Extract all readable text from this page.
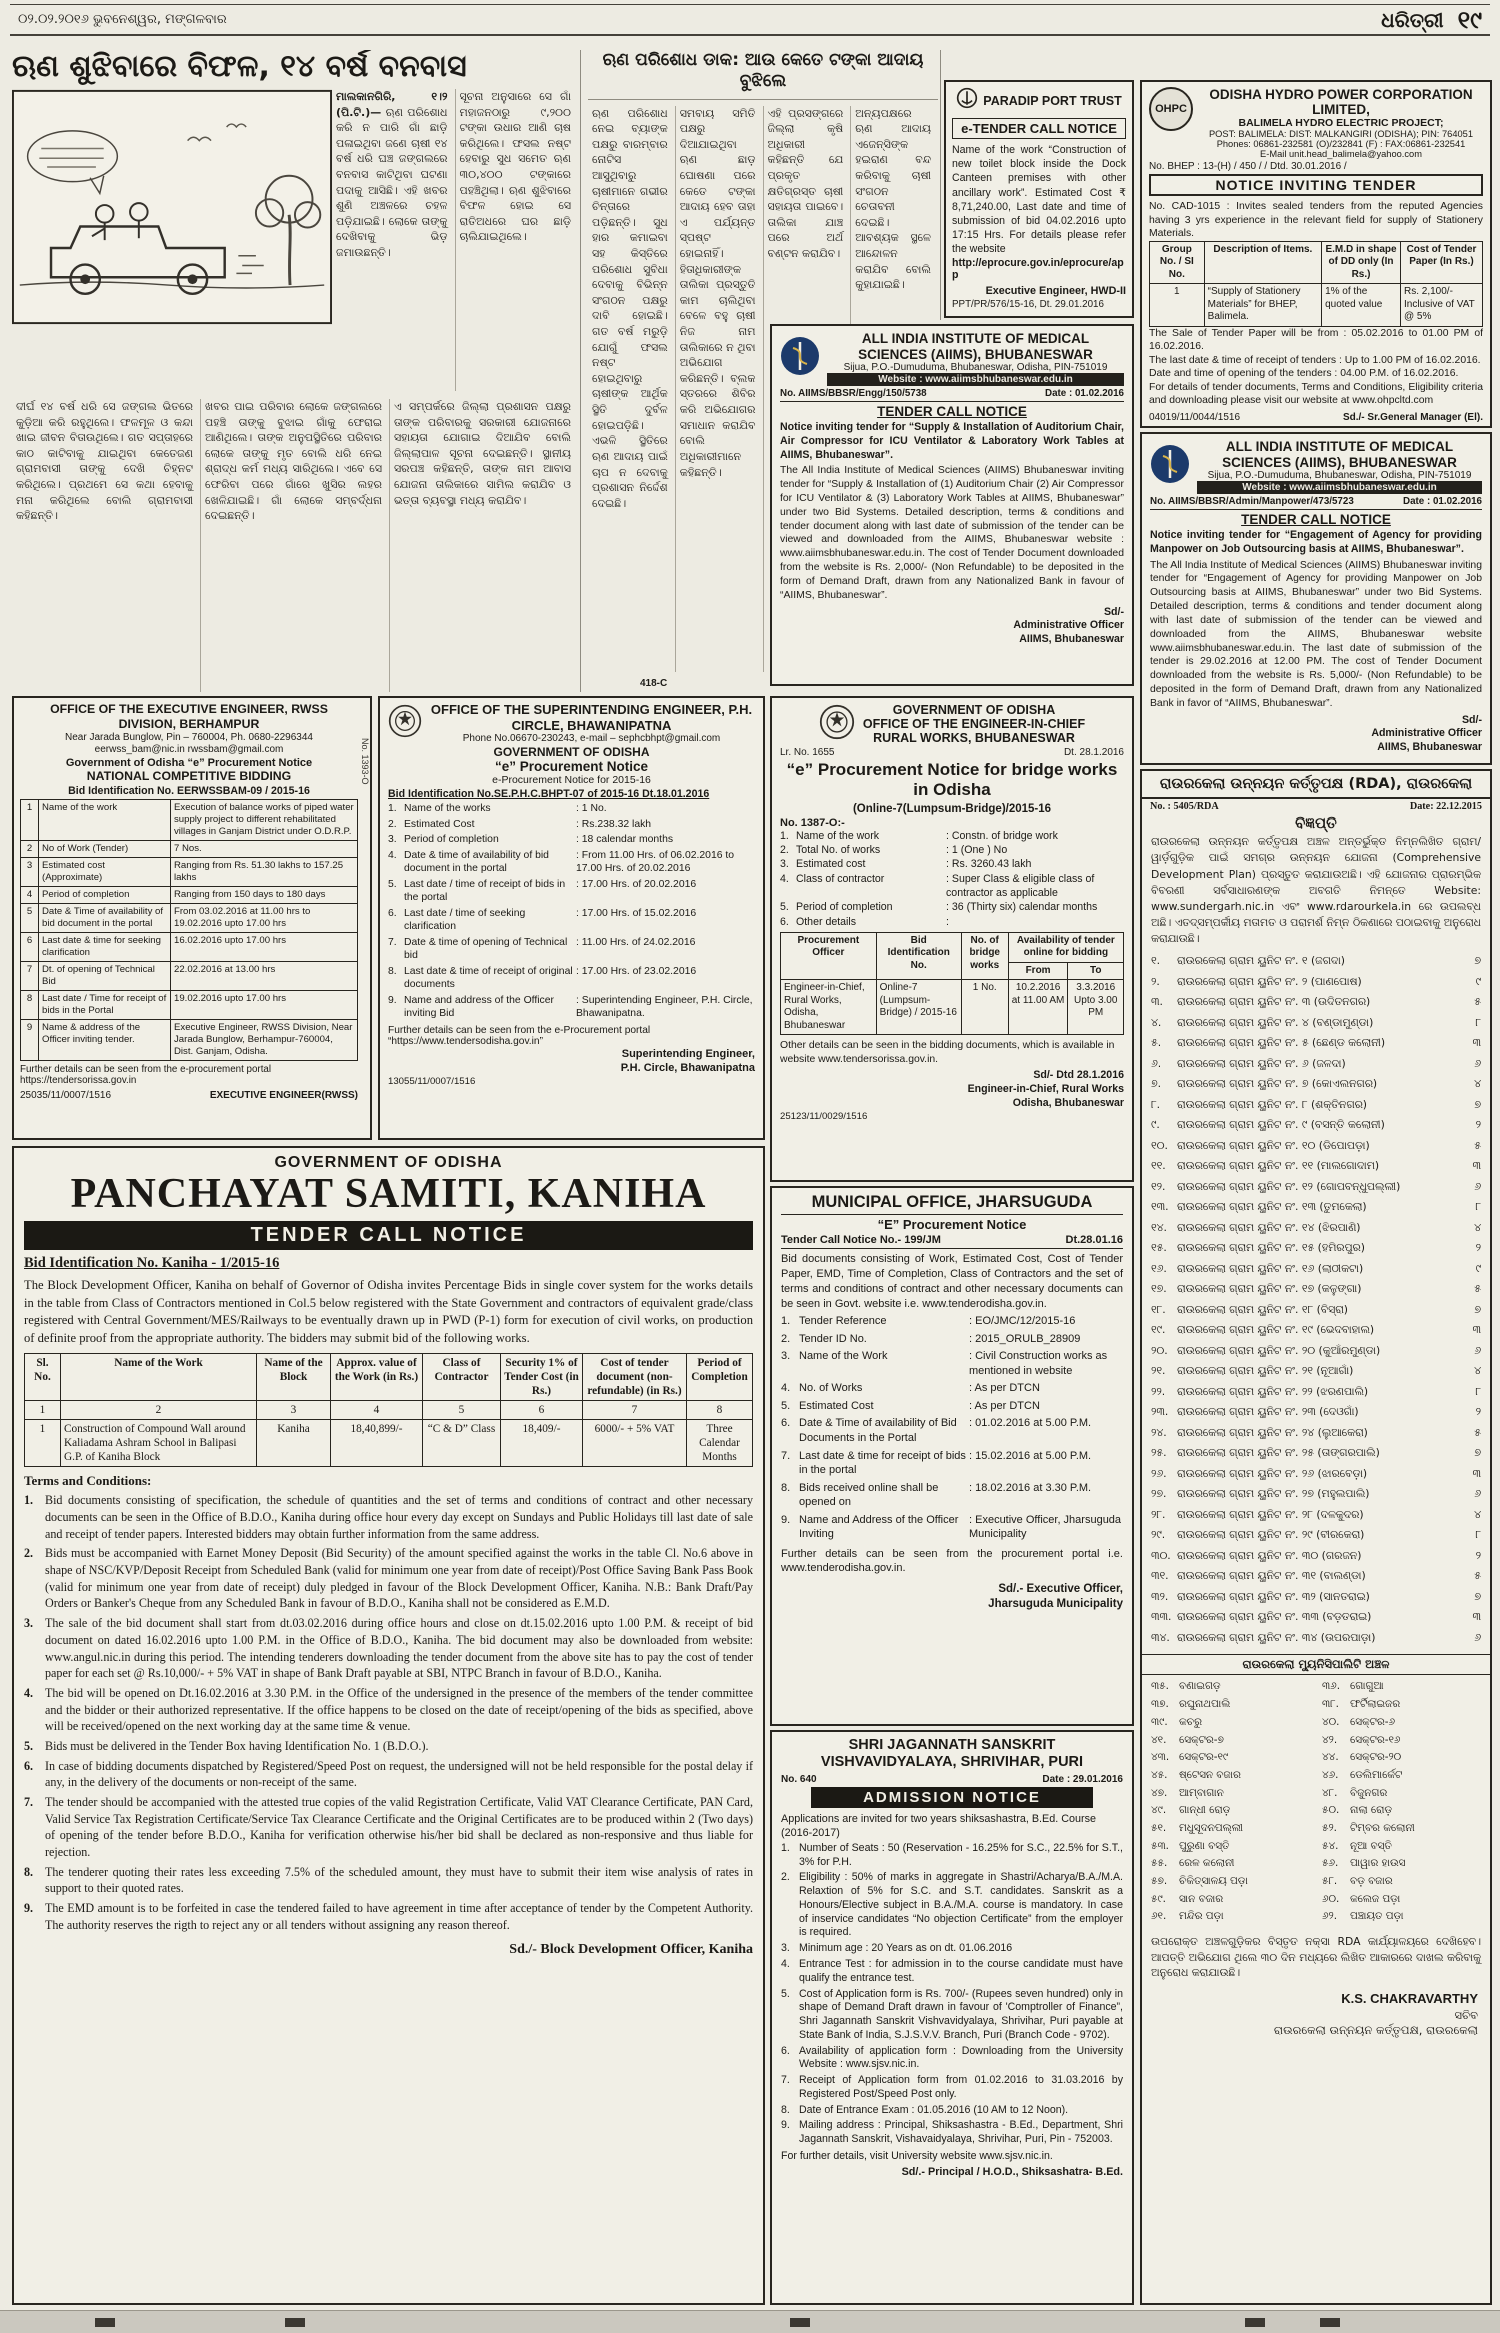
୦୨.୦୨.୨୦୧୬ ଭୁବନେଶ୍ୱର, ମଙ୍ଗଳବାର	ଧରିତ୍ରୀ ୧୯
ଋଣ ଶୁଝିବାରେ ବିଫଳ, ୧୪ ବର୍ଷ ବନବାସ
ମାଲକାନଗିରି, ୧।୨ (ପି.ଟି.)— ଋଣ ପରିଶୋଧ କରି ନ ପାରି ଗାଁ ଛାଡ଼ି ପଳାଇଥିବା ଜଣେ ଚାଷୀ ୧୪ ବର୍ଷ ଧରି ଘଞ୍ଚ ଜଙ୍ଗଲରେ ବନବାସ କାଟିଥିବା ଘଟଣା ପଦାକୁ ଆସିଛି। ଏହି ଖବର ଶୁଣି ଅଞ୍ଚଳରେ ଚହଳ ପଡ଼ିଯାଇଛି। ଲୋକେ ତାଙ୍କୁ ଦେଖିବାକୁ ଭିଡ଼ ଜମାଉଛନ୍ତି।
ସୂଚନା ଅନୁସାରେ ସେ ଗାଁ ମହାଜନଠାରୁ ୯,୨୦୦ ଟଙ୍କା ଉଧାର ଆଣି ଚାଷ କରିଥିଲେ। ଫସଲ ନଷ୍ଟ ହେବାରୁ ସୁଧ ସମେତ ଋଣ ୩୦,୪୦୦ ଟଙ୍କାରେ ପହଞ୍ଚିଥିଲା। ଋଣ ଶୁଝିବାରେ ବିଫଳ ହୋଇ ସେ ରାତିଅଧରେ ଘର ଛାଡ଼ି ଚାଲିଯାଇଥିଲେ।
ଦୀର୍ଘ ୧୪ ବର୍ଷ ଧରି ସେ ଜଙ୍ଗଲ ଭିତରେ କୁଡ଼ିଆ କରି ରହୁଥିଲେ। ଫଳମୂଳ ଓ କନ୍ଦା ଖାଇ ଜୀବନ ବିତାଉଥିଲେ। ଗତ ସପ୍ତାହରେ କାଠ କାଟିବାକୁ ଯାଇଥିବା କେତେଜଣ ଗ୍ରାମବାସୀ ତାଙ୍କୁ ଦେଖି ଚିହ୍ନଟ କରିଥିଲେ। ପ୍ରଥମେ ସେ କଥା ହେବାକୁ ମନା କରିଥିଲେ ବୋଲି ଗ୍ରାମବାସୀ କହିଛନ୍ତି।
ଖବର ପାଇ ପରିବାର ଲୋକେ ଜଙ୍ଗଲରେ ପହଞ୍ଚି ତାଙ୍କୁ ବୁଝାଇ ଗାଁକୁ ଫେରାଇ ଆଣିଥିଲେ। ତାଙ୍କ ଅନୁପସ୍ଥିତିରେ ପରିବାର ଲୋକେ ତାଙ୍କୁ ମୃତ ବୋଲି ଧରି ନେଇ ଶ୍ରାଦ୍ଧ କର୍ମ ମଧ୍ୟ ସାରିଥିଲେ। ଏବେ ସେ ଫେରିବା ପରେ ଗାଁରେ ଖୁସିର ଲହର ଖେଳିଯାଇଛି। ଗାଁ ଲୋକେ ସମ୍ବର୍ଦ୍ଧନା ଦେଇଛନ୍ତି।
ଏ ସମ୍ପର୍କରେ ଜିଲ୍ଲା ପ୍ରଶାସନ ପକ୍ଷରୁ ତାଙ୍କ ପରିବାରକୁ ସରକାରୀ ଯୋଜନାରେ ସହାୟତା ଯୋଗାଇ ଦିଆଯିବ ବୋଲି ଜିଲ୍ଲାପାଳ ସୂଚନା ଦେଇଛନ୍ତି। ସ୍ଥାନୀୟ ସରପଞ୍ଚ କହିଛନ୍ତି, ତାଙ୍କ ନାମ ଆବାସ ଯୋଜନା ତାଲିକାରେ ସାମିଲ କରାଯିବ ଓ ଭତ୍ତା ବ୍ୟବସ୍ଥା ମଧ୍ୟ କରାଯିବ।
ଋଣ ପରିଶୋଧ ଡାକ: ଆଉ କେତେ ଟଙ୍କା ଆଦାୟ ବୁଝିଲେ
ଋଣ ପରିଶୋଧ ନେଇ ବ୍ୟାଙ୍କ ପକ୍ଷରୁ ବାରମ୍ବାର ନୋଟିସ ଆସୁଥିବାରୁ ଚାଷୀମାନେ ଗଭୀର ଚିନ୍ତାରେ ପଡ଼ିଛନ୍ତି। ସୁଧ ହାର କମାଇବା ସହ କିସ୍ତିରେ ପରିଶୋଧ ସୁବିଧା ଦେବାକୁ ବିଭିନ୍ନ ସଂଗଠନ ପକ୍ଷରୁ ଦାବି ହୋଇଛି। ଗତ ବର୍ଷ ମରୁଡ଼ି ଯୋଗୁଁ ଫସଲ ନଷ୍ଟ ହୋଇଥିବାରୁ ଚାଷୀଙ୍କ ଆର୍ଥିକ ସ୍ଥିତି ଦୁର୍ବଳ ହୋଇପଡ଼ିଛି। ଏଭଳି ସ୍ଥିତିରେ ଋଣ ଆଦାୟ ପାଇଁ ଚାପ ନ ଦେବାକୁ ପ୍ରଶାସନ ନିର୍ଦ୍ଦେଶ ଦେଇଛି।
ସମବାୟ ସମିତି ପକ୍ଷରୁ ଦିଆଯାଇଥିବା ଋଣ ଛାଡ଼ ଘୋଷଣା ପରେ କେତେ ଟଙ୍କା ଆଦାୟ ହେବ ତାହା ଏ ପର୍ଯ୍ୟନ୍ତ ସ୍ପଷ୍ଟ ହୋଇନାହିଁ। ହିତାଧିକାରୀଙ୍କ ତାଲିକା ପ୍ରସ୍ତୁତି କାମ ଚାଲିଥିବା ବେଳେ ବହୁ ଚାଷୀ ନିଜ ନାମ ତାଲିକାରେ ନ ଥିବା ଅଭିଯୋଗ କରିଛନ୍ତି। ବ୍ଲକ ସ୍ତରରେ ଶିବିର କରି ଅଭିଯୋଗର ସମାଧାନ କରାଯିବ ବୋଲି ଅଧିକାରୀମାନେ କହିଛନ୍ତି।
ଏହି ପ୍ରସଙ୍ଗରେ ଜିଲ୍ଲା କୃଷି ଅଧିକାରୀ କହିଛନ୍ତି ଯେ ପ୍ରକୃତ କ୍ଷତିଗ୍ରସ୍ତ ଚାଷୀ ସହାୟତା ପାଇବେ। ତାଲିକା ଯାଞ୍ଚ ପରେ ଅର୍ଥ ବଣ୍ଟନ କରାଯିବ।
ଅନ୍ୟପକ୍ଷରେ ଋଣ ଆଦାୟ ଏଜେନ୍ସିଙ୍କ ହଇରାଣ ବନ୍ଦ କରିବାକୁ ଚାଷୀ ସଂଗଠନ ଚେତାବନୀ ଦେଇଛି। ଆବଶ୍ୟକ ସ୍ଥଳେ ଆନ୍ଦୋଳନ କରାଯିବ ବୋଲି କୁହାଯାଇଛି।
PARADIP PORT TRUST
e-TENDER CALL NOTICE

Name of the work “Construction of new toilet block inside the Dock Canteen premises with other ancillary work”. Estimated Cost ₹ 8,71,240.00, Last date and time of submission of bid 04.02.2016 upto 17:15 Hrs. For details please refer the website

http://eprocure.gov.in/eprocure/app

Executive Engineer, HWD-II

PPT/PR/576/15-16, Dt. 29.01.2016

OHPC
ODISHA HYDRO POWER CORPORATION LIMITED,
BALIMELA HYDRO ELECTRIC PROJECT;
POST: BALIMELA: DIST: MALKANGIRI (ODISHA); PIN: 764051
Phones: 06861-232581 (O)/232841 (F) : FAX:06861-232541
E-Mail unit.head_balimela@yahoo.com
No. BHEP : 13-(H) / 450 / / Dtd. 30.01.2016 /
NOTICE INVITING TENDER

No. CAD-1015 : Invites sealed tenders from the reputed Agencies having 3 yrs experience in the relevant field for supply of Stationery Materials.

Group No. / SI No.	Description of Items.	E.M.D in shape of DD only (In Rs.)	Cost of Tender Paper (In Rs.)
1	“Supply of Stationery Materials” for BHEP, Balimela.	1% of the quoted value	Rs. 2,100/- Inclusive of VAT @ 5%

The Sale of Tender Paper will be from : 05.02.2016 to 01.00 PM of 16.02.2016.

The last date & time of receipt of tenders : Up to 1.00 PM of 16.02.2016.

Date and time of opening of the tenders : 04.00 P.M. of 16.02.2016.

For details of tender documents, Terms and Conditions, Eligibility criteria and downloading please visit our website at www.ohpcltd.com

04019/11/0044/1516	Sd./- Sr.General Manager (El).
ALL INDIA INSTITUTE OF MEDICAL SCIENCES (AIIMS), BHUBANESWAR
Sijua, P.O.-Dumuduma, Bhubaneswar, Odisha, PIN-751019
Website : www.aiimsbhubaneswar.edu.in
No. AIIMS/BBSR/Engg/150/5738	Date : 01.02.2016
TENDER CALL NOTICE

Notice inviting tender for “Supply & Installation of Auditorium Chair, Air Compressor for ICU Ventilator & Laboratory Work Tables at AIIMS, Bhubaneswar”.

The All India Institute of Medical Sciences (AIIMS) Bhubaneswar inviting tender for “Supply & Installation of (1) Auditorium Chair (2) Air Compressor for ICU Ventilator & (3) Laboratory Work Tables at AIIMS, Bhubaneswar” under two Bid Systems. Detailed description, terms & conditions and tender document along with last date of submission of the tender can be viewed and downloaded from the AIIMS, Bhubaneswar website : www.aiimsbhubaneswar.edu.in. The cost of Tender Document downloaded from the website is Rs. 2,000/- (Non Refundable) to be deposited in the form of Demand Draft, drawn from any Nationalized Bank in favour of “AIIMS, Bhubaneswar”.

Sd/-
Administrative Officer
AIIMS, Bhubaneswar
ALL INDIA INSTITUTE OF MEDICAL SCIENCES (AIIMS), BHUBANESWAR
Sijua, P.O.-Dumuduma, Bhubaneswar, Odisha, PIN-751019
Website : www.aiimsbhubaneswar.edu.in
No. AIIMS/BBSR/Admin/Manpower/473/5723	Date : 01.02.2016
TENDER CALL NOTICE

Notice inviting tender for “Engagement of Agency for providing Manpower on Job Outsourcing basis at AIIMS, Bhubaneswar”.

The All India Institute of Medical Sciences (AIIMS) Bhubaneswar inviting tender for “Engagement of Agency for providing Manpower on Job Outsourcing basis at AIIMS, Bhubaneswar” under two Bid Systems. Detailed description, terms & conditions and tender document along with last date of submission of the tender can be viewed and downloaded from the AIIMS, Bhubaneswar website www.aiimsbhubaneswar.edu.in. The last date of submission of the tender is 29.02.2016 at 12.00 PM. The cost of Tender Document downloaded from the website is Rs. 5,000/- (Non Refundable) to be deposited in the form of Demand Draft, drawn from any Nationalized Bank in favor of “AIIMS, Bhubaneswar”.

Sd/-
Administrative Officer
AIIMS, Bhubaneswar
No. 1393-O
OFFICE OF THE EXECUTIVE ENGINEER, RWSS DIVISION, BERHAMPUR
Near Jarada Bunglow, Pin – 760004, Ph. 0680-2296344
eerwss_bam@nic.in rwssbam@gmail.com
Government of Odisha “e” Procurement Notice
NATIONAL COMPETITIVE BIDDING
Bid Identification No. EERWSSBAM-09 / 2015-16
1	Name of the work	Execution of balance works of piped water supply project to different rehabilitated villages in Ganjam District under O.D.R.P.
2	No of Work (Tender)	7 Nos.
3	Estimated cost (Approximate)	Ranging from Rs. 51.30 lakhs to 157.25 lakhs
4	Period of completion	Ranging from 150 days to 180 days
5	Date & Time of availability of bid document in the portal	From 03.02.2016 at 11.00 hrs to 19.02.2016 upto 17.00 hrs
6	Last date & time for seeking clarification	16.02.2016 upto 17.00 hrs
7	Dt. of opening of Technical Bid	22.02.2016 at 13.00 hrs
8	Last date / Time for receipt of bids in the Portal	19.02.2016 upto 17.00 hrs
9	Name & address of the Officer inviting tender.	Executive Engineer, RWSS Division, Near Jarada Bunglow, Berhampur-760004, Dist. Ganjam, Odisha.

Further details can be seen from the e-procurement portal https://tendersorissa.gov.in

25035/11/0007/1516	EXECUTIVE ENGINEER(RWSS)
418-C
OFFICE OF THE SUPERINTENDING ENGINEER, P.H. CIRCLE, BHAWANIPATNA
Phone No.06670-230243, e-mail – sephcbhpt@gmail.com
GOVERNMENT OF ODISHA
“e” Procurement Notice
e-Procurement Notice for 2015-16
Bid Identification No.SE.P.H.C.BHPT-07 of 2015-16 Dt.18.01.2016
1. Name of the works	: 1 No.
2. Estimated Cost	: Rs.238.32 lakh
3. Period of completion	: 18 calendar months
4. Date & time of availability of bid document in the portal
: From 11.00 Hrs. of 06.02.2016 to 17.00 Hrs. of 20.02.2016
5. Last date / time of receipt of bids in the portal
: 17.00 Hrs. of 20.02.2016
6. Last date / time of seeking clarification
: 17.00 Hrs. of 15.02.2016
7. Date & time of opening of Technical bid
: 11.00 Hrs. of 24.02.2016
8. Last date & time of receipt of original documents
: 17.00 Hrs. of 23.02.2016
9. Name and address of the Officer inviting Bid
: Superintending Engineer, P.H. Circle, Bhawanipatna.

Further details can be seen from the e-Procurement portal “https://www.tendersodisha.gov.in”

Superintending Engineer,
P.H. Circle, Bhawanipatna
13055/11/0007/1516
GOVERNMENT OF ODISHA
OFFICE OF THE ENGINEER-IN-CHIEF
RURAL WORKS, BHUBANESWAR
Lr. No. 1655	Dt. 28.1.2016
“e” Procurement Notice for bridge works in Odisha
(Online-7(Lumpsum-Bridge)/2015-16
No. 1387-O:-
1. Name of the work	: Constn. of bridge work
2. Total No. of works	: 1 (One ) No
3. Estimated cost	: Rs. 3260.43 lakh
4. Class of contractor	: Super Class & eligible class of contractor as applicable
5. Period of completion	: 36 (Thirty six) calendar months
6. Other details	:
Procurement Officer	Bid Identification No.	No. of bridge works	Availability of tender online for bidding	
			From	To
Engineer-in-Chief, Rural Works, Odisha, Bhubaneswar	Online-7 (Lumpsum-Bridge) / 2015-16	1 No.	10.2.2016 at 11.00 AM	3.3.2016 Upto 3.00 PM

Other details can be seen in the bidding documents, which is available in website www.tendersorissa.gov.in.

Sd/- Dtd 28.1.2016
Engineer-in-Chief, Rural Works
Odisha, Bhubaneswar
25123/11/0029/1516
ରାଉରକେଲା ଉନ୍ନୟନ କର୍ତ୍ତୃପକ୍ଷ (RDA), ରାଉରକେଲା
No. : 5405/RDA	Date: 22.12.2015
ବିଜ୍ଞପ୍ତି

ରାଉରକେଲା ଉନ୍ନୟନ କର୍ତ୍ତୃପକ୍ଷ ଅଞ୍ଚଳ ଅନ୍ତର୍ଭୁକ୍ତ ନିମ୍ନଲିଖିତ ଗ୍ରାମ/ୱାର୍ଡ଼ଗୁଡ଼ିକ ପାଇଁ ସମଗ୍ର ଉନ୍ନୟନ ଯୋଜନା (Comprehensive Development Plan) ପ୍ରସ୍ତୁତ କରାଯାଉଅଛି। ଏହି ଯୋଜନାର ପ୍ରାରମ୍ଭିକ ବିବରଣୀ ସର୍ବସାଧାରଣଙ୍କ ଅବଗତି ନିମନ୍ତେ Website: www.sundergarh.nic.in ଏବଂ www.rdarourkela.in ରେ ଉପଲବ୍ଧ ଅଛି। ଏତଦ୍‌ସମ୍ପର୍କୀୟ ମତାମତ ଓ ପରାମର୍ଶ ନିମ୍ନ ଠିକଣାରେ ପଠାଇବାକୁ ଅନୁରୋଧ କରାଯାଉଛି।

୧.	ରାଉରକେଲା ଗ୍ରାମ ୟୁନିଟ ନଂ. ୧ (ଜଗଦା)	୭
୨.	ରାଉରକେଲା ଗ୍ରାମ ୟୁନିଟ ନଂ. ୨ (ପାଣପୋଷ)	୯
୩.	ରାଉରକେଲା ଗ୍ରାମ ୟୁନିଟ ନଂ. ୩ (ଉଦିତନଗର)	୫
୪.	ରାଉରକେଲା ଗ୍ରାମ ୟୁନିଟ ନଂ. ୪ (ବଣ୍ଡାମୁଣ୍ଡା)	୮
୫.	ରାଉରକେଲା ଗ୍ରାମ ୟୁନିଟ ନଂ. ୫ (ଛେଣ୍ଡ କଲୋନୀ)	୩
୬.	ରାଉରକେଲା ଗ୍ରାମ ୟୁନିଟ ନଂ. ୬ (ଜଳଦା)	୬
୭.	ରାଉରକେଲା ଗ୍ରାମ ୟୁନିଟ ନଂ. ୭ (କୋଏଲନଗର)	୪
୮.	ରାଉରକେଲା ଗ୍ରାମ ୟୁନିଟ ନଂ. ୮ (ଶକ୍ତିନଗର)	୭
୯.	ରାଉରକେଲା ଗ୍ରାମ ୟୁନିଟ ନଂ. ୯ (ବସନ୍ତି କଲୋନୀ)	୨
୧୦. ରାଉରକେଲା ଗ୍ରାମ ୟୁନିଟ ନଂ. ୧୦ (ଡିପୋପଡ଼ା)	୫
୧୧.	ରାଉରକେଲା ଗ୍ରାମ ୟୁନିଟ ନଂ. ୧୧ (ମାଲଗୋଦାମ)	୩
୧୨.	ରାଉରକେଲା ଗ୍ରାମ ୟୁନିଟ ନଂ. ୧୨ (ଗୋପବନ୍ଧୁପଲ୍ଲୀ)	୬
୧୩. ରାଉରକେଲା ଗ୍ରାମ ୟୁନିଟ ନଂ. ୧୩ (ତୁମକେଲା)	୮
୧୪. ରାଉରକେଲା ଗ୍ରାମ ୟୁନିଟ ନଂ. ୧୪ (ଝିରପାଣି)	୪
୧୫. ରାଉରକେଲା ଗ୍ରାମ ୟୁନିଟ ନଂ. ୧୫ (ହମିରପୁର)	୨
୧୬. ରାଉରକେଲା ଗ୍ରାମ ୟୁନିଟ ନଂ. ୧୬ (ଲାଠୀକଟା)	୯
୧୭. ରାଉରକେଲା ଗ୍ରାମ ୟୁନିଟ ନଂ. ୧୭ (କଳୁଙ୍ଗା)	୫
୧୮.	ରାଉରକେଲା ଗ୍ରାମ ୟୁନିଟ ନଂ. ୧୮ (ବିସ୍ରା)	୭
୧୯.	ରାଉରକେଲା ଗ୍ରାମ ୟୁନିଟ ନଂ. ୧୯ (ଭେଦବାହାଲ)	୩
୨୦. ରାଉରକେଲା ଗ୍ରାମ ୟୁନିଟ ନଂ. ୨୦ (କୁଆଁରମୁଣ୍ଡା)	୬
୨୧.	ରାଉରକେଲା ଗ୍ରାମ ୟୁନିଟ ନଂ. ୨୧ (ନୂଆଗାଁ)	୪
୨୨.	ରାଉରକେଲା ଗ୍ରାମ ୟୁନିଟ ନଂ. ୨୨ (ଝରଣପାଲି)	୮
୨୩. ରାଉରକେଲା ଗ୍ରାମ ୟୁନିଟ ନଂ. ୨୩ (ଦେଓଗାଁ)	୨
୨୪. ରାଉରକେଲା ଗ୍ରାମ ୟୁନିଟ ନଂ. ୨୪ (ଲୁଆକେରା)	୫
୨୫. ରାଉରକେଲା ଗ୍ରାମ ୟୁନିଟ ନଂ. ୨୫ (ତାଙ୍ଗରପାଲି)	୭
୨୬. ରାଉରକେଲା ଗ୍ରାମ ୟୁନିଟ ନଂ. ୨୬ (ଝାରବେଡ଼ା)	୩
୨୭. ରାଉରକେଲା ଗ୍ରାମ ୟୁନିଟ ନଂ. ୨୭ (ମହୁଲପାଲି)	୬
୨୮.	ରାଉରକେଲା ଗ୍ରାମ ୟୁନିଟ ନଂ. ୨୮ (ଦଳକୁଦର)	୪
୨୯.	ରାଉରକେଲା ଗ୍ରାମ ୟୁନିଟ ନଂ. ୨୯ (ବୀରକେରା)	୮
୩୦. ରାଉରକେଲା ଗ୍ରାମ ୟୁନିଟ ନଂ. ୩୦ (ଗରଜନ)	୨
୩୧. ରାଉରକେଲା ଗ୍ରାମ ୟୁନିଟ ନଂ. ୩୧ (ବାଲଣ୍ଡା)	୫
୩୨. ରାଉରକେଲା ଗ୍ରାମ ୟୁନିଟ ନଂ. ୩୨ (ସାନତରାଇ)	୭
୩୩. ରାଉରକେଲା ଗ୍ରାମ ୟୁନିଟ ନଂ. ୩୩ (ବଡ଼ତରାଇ)	୩
୩୪. ରାଉରକେଲା ଗ୍ରାମ ୟୁନିଟ ନଂ. ୩୪ (ଉପରପାଡ଼ା)	୬
ରାଉରକେଲା ମ୍ୟୁନିସିପାଲିଟି ଅଞ୍ଚଳ
୩୫. ବଣାଇଗଡ଼	୩୬. ଗୋଗୁଆ
୩୭. ରଘୁନାଥପାଲି	୩୮.	ଫର୍ଟିଲାଇଜର
୩୯.	କଚରୁ	୪୦.	ସେକ୍ଟର-୬
୪୧.	ସେକ୍ଟର-୭	୪୨.	ସେକ୍ଟର-୧୬
୪୩. ସେକ୍ଟର-୧୯	୪୪.	ସେକ୍ଟର-୨୦
୪୫.	ଷ୍ଟେସନ ବଜାର	୪୬.	ଡେଲିମାର୍କେଟ
୪୭.	ଆମ୍ବାଗାନ	୪୮.	ବିଜୁନଗର
୪୯.	ଗାନ୍ଧୀ ରୋଡ଼	୫୦.	ନାଲା ରୋଡ଼
୫୧.	ମଧୁସୂଦନପଲ୍ଲୀ	୫୨.	ଟିମ୍ବର କଲୋନୀ
୫୩. ପୁରୁଣା ବସ୍ତି	୫୪.	ନୂଆ ବସ୍ତି
୫୫.	ରେଳ କଲୋନୀ	୫୬.	ପାୱାର ହାଉସ
୫୭.	ଚିକିତ୍ସାଳୟ ପଡ଼ା	୫୮.	ବଡ଼ ବଜାର
୫୯.	ସାନ ବଜାର	୬୦.	କଲେଜ ପଡ଼ା
୬୧.	ମନ୍ଦିର ପଡ଼ା	୬୨.	ପଞ୍ଚାୟତ ପଡ଼ା

ଉପରୋକ୍ତ ଅଞ୍ଚଳଗୁଡ଼ିକର ବିସ୍ତୃତ ନକ୍ସା RDA କାର୍ଯ୍ୟାଳୟରେ ଦେଖିହେବ। ଆପତ୍ତି ଅଭିଯୋଗ ଥିଲେ ୩୦ ଦିନ ମଧ୍ୟରେ ଲିଖିତ ଆକାରରେ ଦାଖଲ କରିବାକୁ ଅନୁରୋଧ କରାଯାଉଛି।

K.S. CHAKRAVARTHY
ସଚିବ
ରାଉରକେଲା ଉନ୍ନୟନ କର୍ତ୍ତୃପକ୍ଷ, ରାଉରକେଲା
GOVERNMENT OF ODISHA
PANCHAYAT SAMITI, KANIHA
TENDER CALL NOTICE
Bid Identification No. Kaniha - 1/2015-16

The Block Development Officer, Kaniha on behalf of Governor of Odisha invites Percentage Bids in single cover system for the works details in the table from Class of Contractors mentioned in Col.5 below registered with the State Government and contractors of equivalent grade/class registered with Central Government/MES/Railways to be eventually drawn up in PWD (P-1) form for execution of civil works, on production of definite proof from the appropriate authority. The bidders may submit bid of the following works.

Sl. No.	Name of the Work	Name of the Block	Approx. value of the Work (in Rs.)	Class of Contractor	Security 1% of Tender Cost (in Rs.)	Cost of tender document (non-refundable) (in Rs.)	Period of Completion
1	2	3	4	5	6	7	8
1	Construction of Compound Wall around Kaliadama Ashram School in Balipasi G.P. of Kaniha Block	Kaniha	18,40,899/-	“C & D” Class	18,409/-	6000/- + 5% VAT	Three Calendar Months
Terms and Conditions:
1. Bid documents consisting of specification, the schedule of quantities and the set of terms and conditions of contract and other necessary documents can be seen in the Office of B.D.O., Kaniha during office hour every day except on Sundays and Public Holidays till last date of sale and receipt of tender papers. Interested bidders may obtain further information from the same address.
2. Bids must be accompanied with Earnet Money Deposit (Bid Security) of the amount specified against the works in the table Cl. No.6 above in shape of NSC/KVP/Deposit Receipt from Scheduled Bank (valid for minimum one year from date of receipt)/Post Office Saving Bank Pass Book (valid for minimum one year from date of receipt) duly pledged in favour of the Block Development Officer, Kaniha. N.B.: Bank Draft/Pay Orders or Banker's Cheque from any Scheduled Bank in favour of B.D.O., Kaniha shall not be considered as E.M.D.
3. The sale of the bid document shall start from dt.03.02.2016 during office hours and close on dt.15.02.2016 upto 1.00 P.M. & receipt of bid document on dated 16.02.2016 upto 1.00 P.M. in the Office of B.D.O., Kaniha. The bid document may also be downloaded from website: www.angul.nic.in during this period. The intending tenderers downloading the tender document from the above site has to pay the cost of tender paper for each set @ Rs.10,000/- + 5% VAT in shape of Bank Draft payable at SBI, NTPC Branch in favour of B.D.O., Kaniha.
4. The bid will be opened on Dt.16.02.2016 at 3.30 P.M. in the Office of the undersigned in the presence of the members of the tender committee and the bidder or their authorized representative. If the office happens to be closed on the date of receipt/opening of the bids as specified, above will be received/opened on the next working day at the same time & venue.
5. Bids must be delivered in the Tender Box having Identification No. 1 (B.D.O.).
6. In case of bidding documents dispatched by Registered/Speed Post on request, the undersigned will not be held responsible for the postal delay if any, in the delivery of the documents or non-receipt of the same.
7. The tender should be accompanied with the attested true copies of the valid Registration Certificate, Valid VAT Clearance Certificate, PAN Card, Valid Service Tax Registration Certificate/Service Tax Clearance Certificate and the Original Certificates are to be produced within 2 (Two days) of opening of the tender before B.D.O., Kaniha for verification otherwise his/her bid shall be declared as non-responsive and thus liable for rejection.
8. The tenderer quoting their rates less exceeding 7.5% of the scheduled amount, they must have to submit their item wise analysis of rates in support to their quoted rates.
9. The EMD amount is to be forfeited in case the tendered failed to have agreement in time after acceptance of tender by the Competent Authority. The authority reserves the rigth to reject any or all tenders without assigning any reason thereof.
Sd./- Block Development Officer, Kaniha
MUNICIPAL OFFICE, JHARSUGUDA
“E” Procurement Notice
Tender Call Notice No.- 199/JM	Dt.28.01.16

Bid documents consisting of Work, Estimated Cost, Cost of Tender Paper, EMD, Time of Completion, Class of Contractors and the set of terms and conditions of contract and other necessary documents can be seen in Govt. website i.e. www.tenderodisha.gov.in.

1. Tender Reference	: EO/JMC/12/2015-16
2. Tender ID No.	: 2015_ORULB_28909
3. Name of the Work	: Civil Construction works as mentioned in website
4. No. of Works	: As per DTCN
5. Estimated Cost	: As per DTCN
6. Date & Time of availability of Bid Documents in the Portal
: 01.02.2016 at 5.00 P.M.
7. Last date & time for receipt of bids in the portal
: 15.02.2016 at 5.00 P.M.
8. Bids received online shall be opened on
: 18.02.2016 at 3.30 P.M.
9. Name and Address of the Officer Inviting
: Executive Officer, Jharsuguda Municipality

Further details can be seen from the procurement portal i.e. www.tenderodisha.gov.in.

Sd/.- Executive Officer,
Jharsuguda Municipality
SHRI JAGANNATH SANSKRIT VISHVAVIDYALAYA, SHRIVIHAR, PURI
No. 640	Date : 29.01.2016
ADMISSION NOTICE

Applications are invited for two years shiksashastra, B.Ed. Course (2016-2017)

1. Number of Seats : 50 (Reservation - 16.25% for S.C., 22.5% for S.T., 3% for P.H.
2. Eligibility : 50% of marks in aggregate in Shastri/Acharya/B.A./M.A. Relaxtion of 5% for S.C. and S.T. candidates. Sanskrit as a Honours/Elective subject in B.A./M.A. course is mandatory. In case of inservice candidates “No objection Certificate” from the employer is required.
3. Minimum age : 20 Years as on dt. 01.06.2016
4. Entrance Test : for admission in to the course candidate must have qualify the entrance test.
5. Cost of Application form is Rs. 700/- (Rupees seven hundred) only in shape of Demand Draft drawn in favour of 'Comptroller of Finance”, Shri Jagannath Sanskrit Vishvavidyalaya, Shrivihar, Puri payable at State Bank of India, S.J.S.V.V. Branch, Puri (Branch Code - 9702).
6. Availability of application form : Downloading from the University Website : www.sjsv.nic.in.
7. Receipt of Application form from 01.02.2016 to 31.03.2016 by Registered Post/Speed Post only.
8. Date of Entrance Exam : 01.05.2016 (10 AM to 12 Noon).
9. Mailing address : Principal, Shiksashastra - B.Ed., Department, Shri Jagannath Sanskrit, Vishavaidyalaya, Shrivihar, Puri, Pin - 752003.

For further details, visit University website www.sjsv.nic.in.

Sd/.- Principal / H.O.D., Shiksashatra- B.Ed.
